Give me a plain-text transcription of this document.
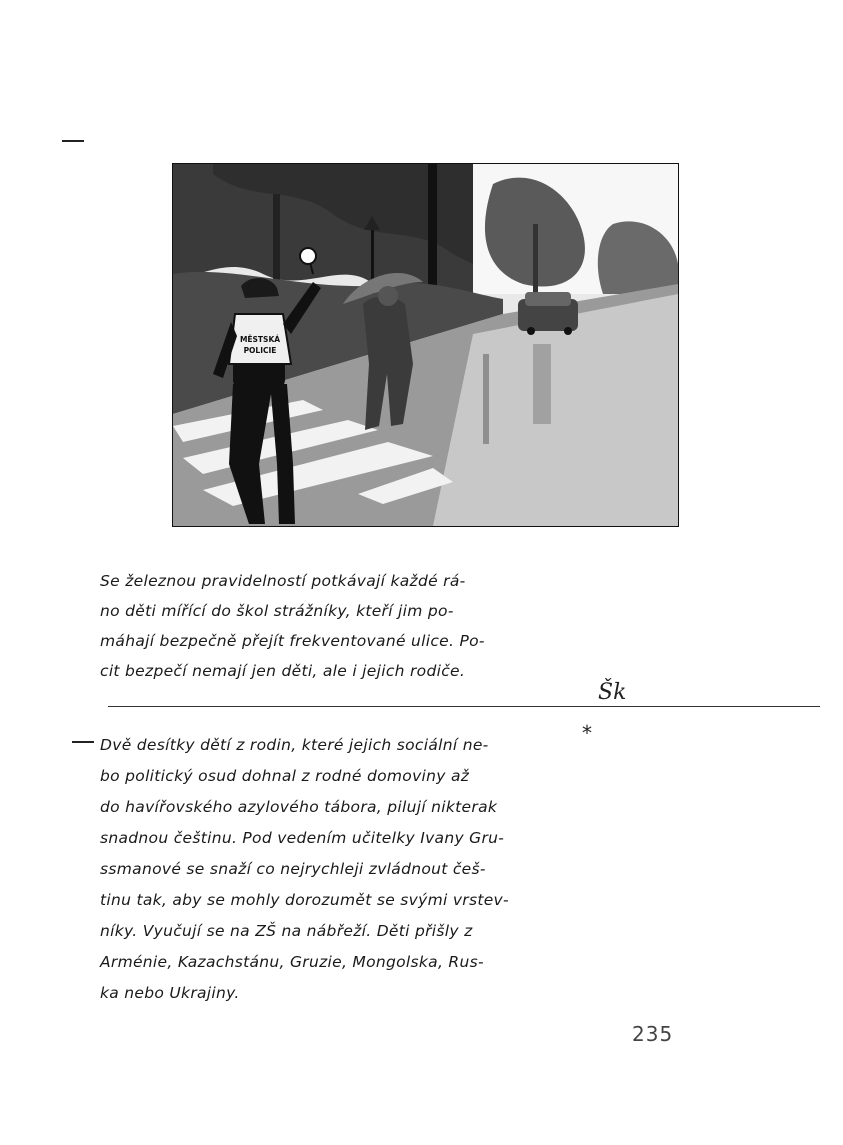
MĚSTSKÁ
POLICIE
Se železnou pravidelností potkávají každé rá-
no děti mířící do škol strážníky, kteří jim po-
máhají bezpečně přejít frekventované ulice. Po-
cit bezpečí nemají jen děti, ale i jejich rodiče.
Šk
*
Dvě desítky dětí z rodin, které jejich sociální ne-
bo politický osud dohnal z rodné domoviny až
do havířovského azylového tábora, pilují nikterak
snadnou češtinu. Pod vedením učitelky Ivany Gru-
ssmanové se snaží co nejrychleji zvládnout češ-
tinu tak, aby se mohly dorozumět se svými vrstev-
níky. Vyučují se na ZŠ na nábřeží. Děti přišly z
Arménie, Kazachstánu, Gruzie, Mongolska, Rus-
ka nebo Ukrajiny.
235
